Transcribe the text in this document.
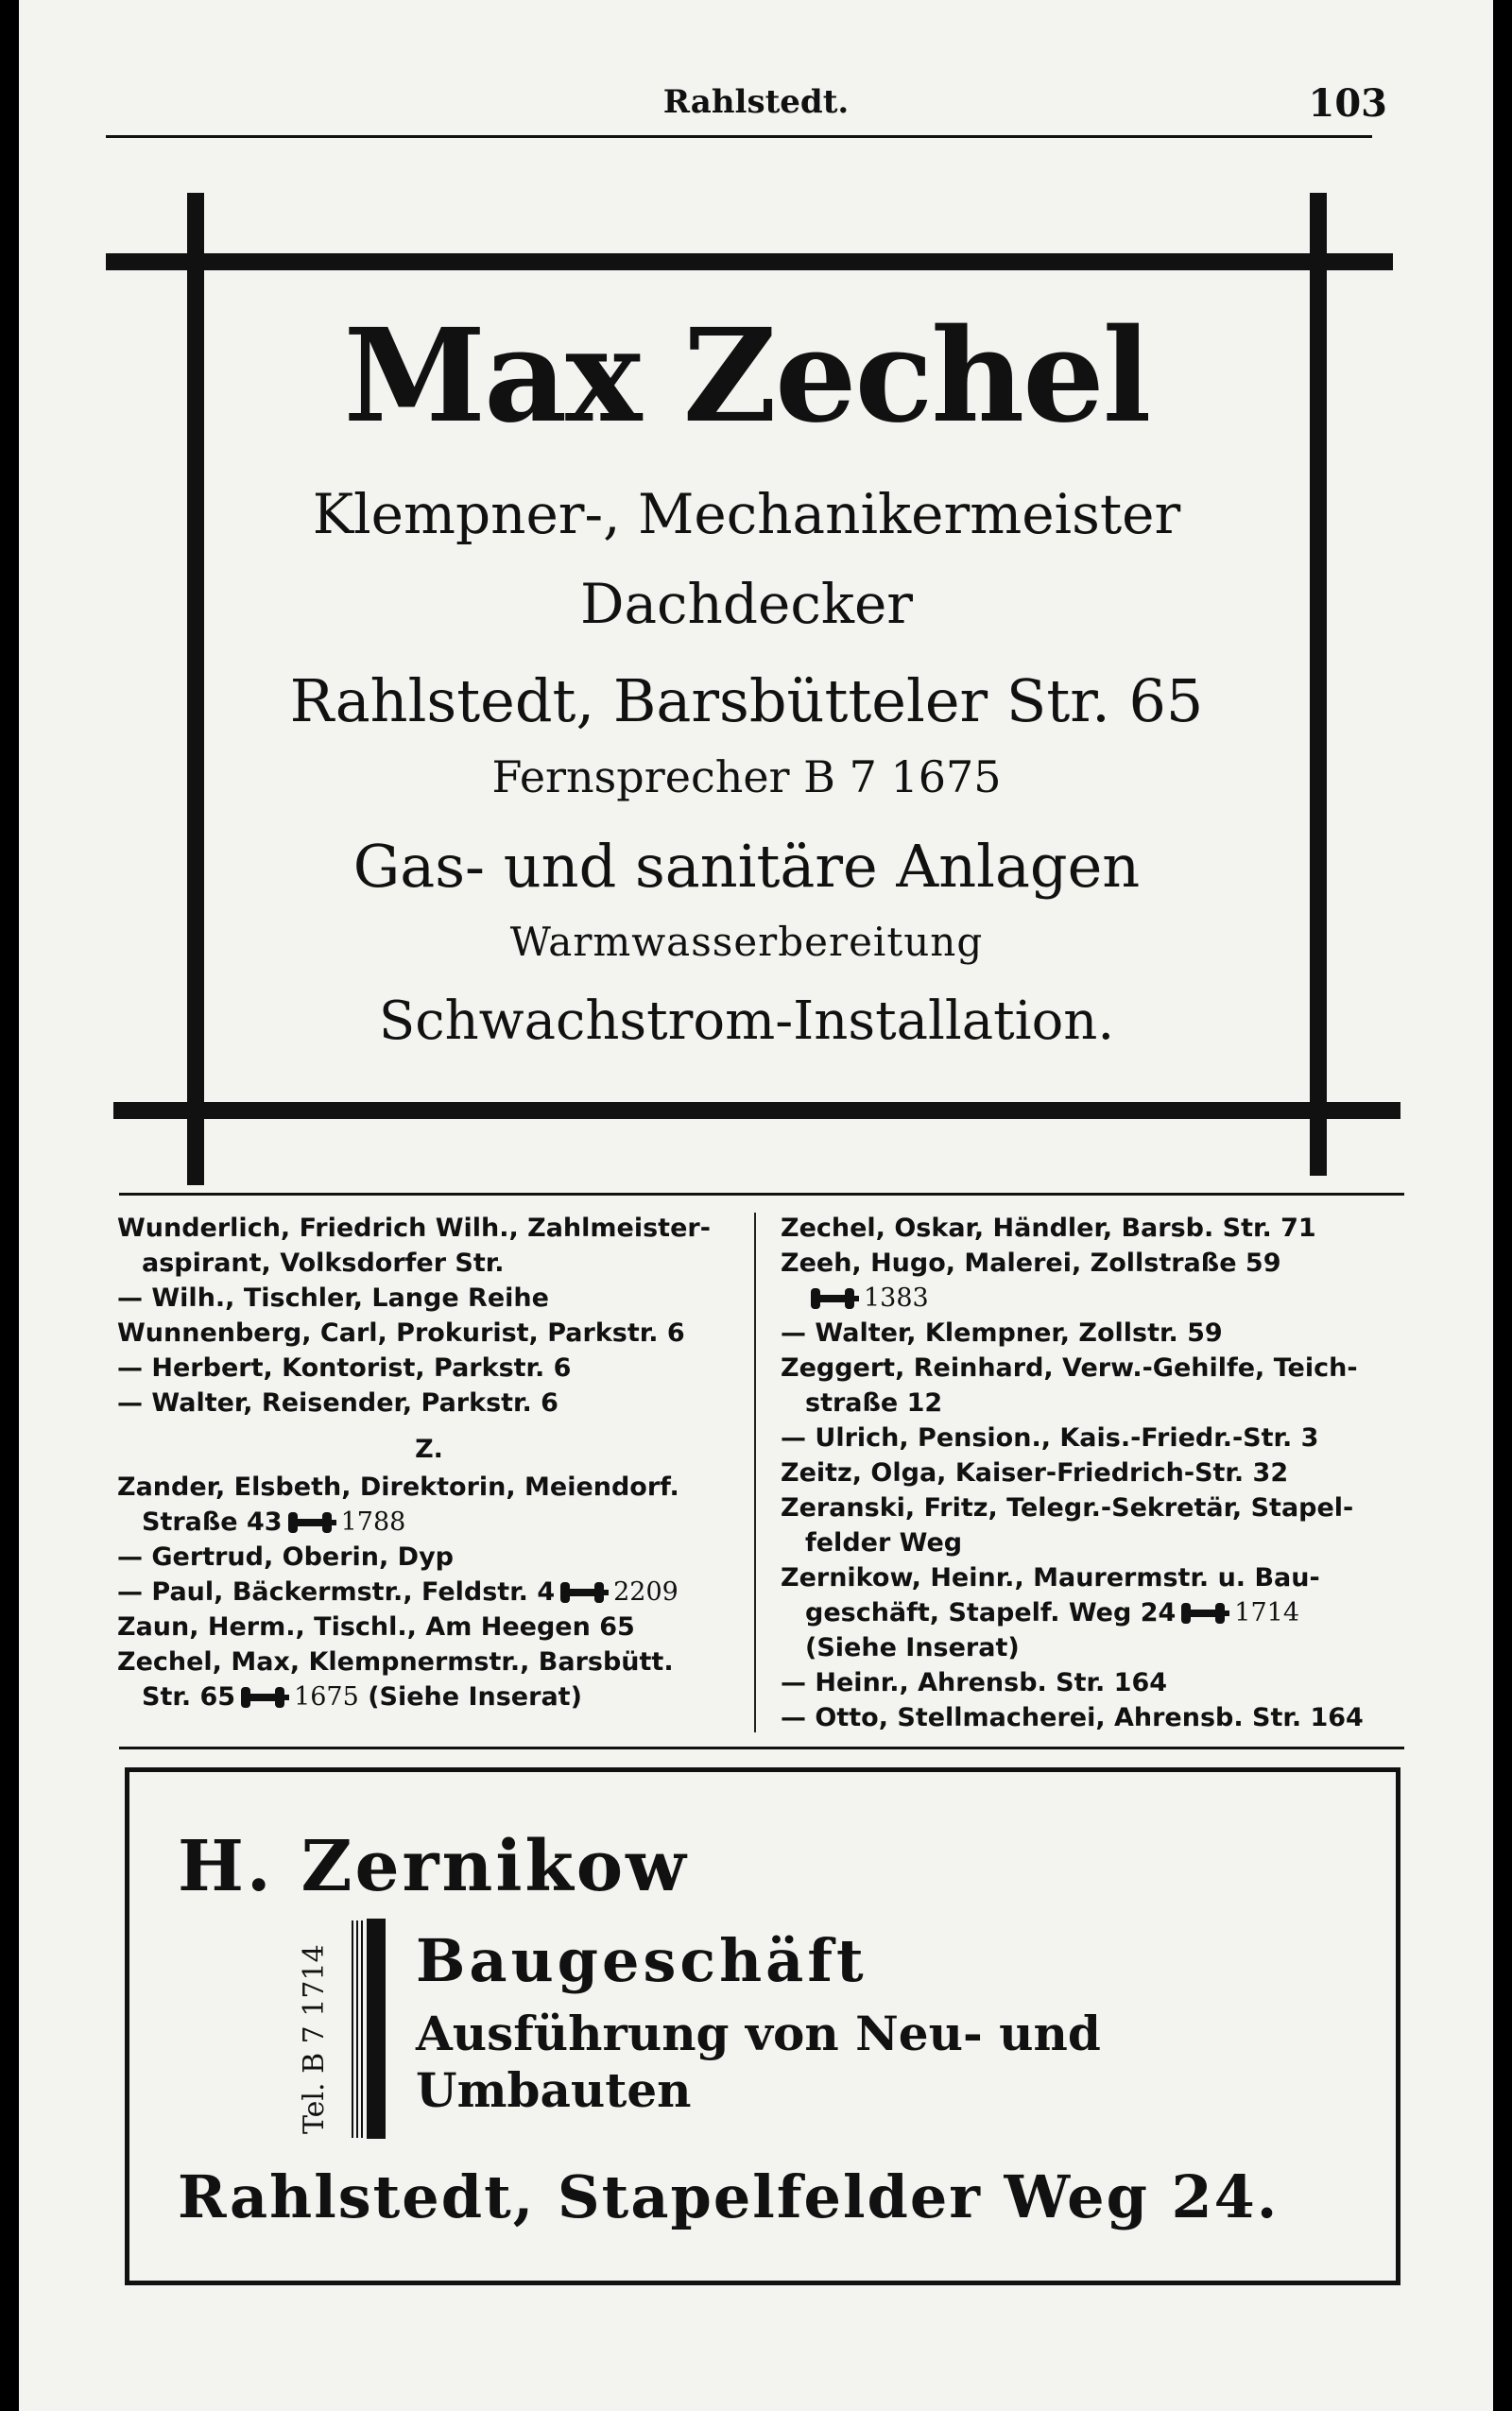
Rahlstedt.	103
Max Zechel
Klempner-, Mechanikermeister
Dachdecker
Rahlstedt, Barsbütteler Str. 65
Fernsprecher B 7 1675
Gas- und sanitäre Anlagen
Warmwasserbereitung
Schwachstrom-Installation.
Wunderlich, Friedrich Wilh., Zahlmeister-
aspirant, Volksdorfer Str.
— Wilh., Tischler, Lange Reihe
Wunnenberg, Carl, Prokurist, Parkstr. 6
— Herbert, Kontorist, Parkstr. 6
— Walter, Reisender, Parkstr. 6
Z.
Zander, Elsbeth, Direktorin, Meiendorf.
Straße 43 1788
— Gertrud, Oberin, Dyp
— Paul, Bäckermstr., Feldstr. 4 2209
Zaun, Herm., Tischl., Am Heegen 65
Zechel, Max, Klempnermstr., Barsbütt.
Str. 65 1675 (Siehe Inserat)
Zechel, Oskar, Händler, Barsb. Str. 71
Zeeh, Hugo, Malerei, Zollstraße 59
1383
— Walter, Klempner, Zollstr. 59
Zeggert, Reinhard, Verw.-Gehilfe, Teich-
straße 12
— Ulrich, Pension., Kais.-Friedr.-Str. 3
Zeitz, Olga, Kaiser-Friedrich-Str. 32
Zeranski, Fritz, Telegr.-Sekretär, Stapel-
felder Weg
Zernikow, Heinr., Maurermstr. u. Bau-
geschäft, Stapelf. Weg 24 1714
(Siehe Inserat)
— Heinr., Ahrensb. Str. 164
— Otto, Stellmacherei, Ahrensb. Str. 164
H. Zernikow
Tel. B 7 1714 Baugeschäft
Ausführung von Neu- und
Umbauten
Rahlstedt, Stapelfelder Weg 24.
